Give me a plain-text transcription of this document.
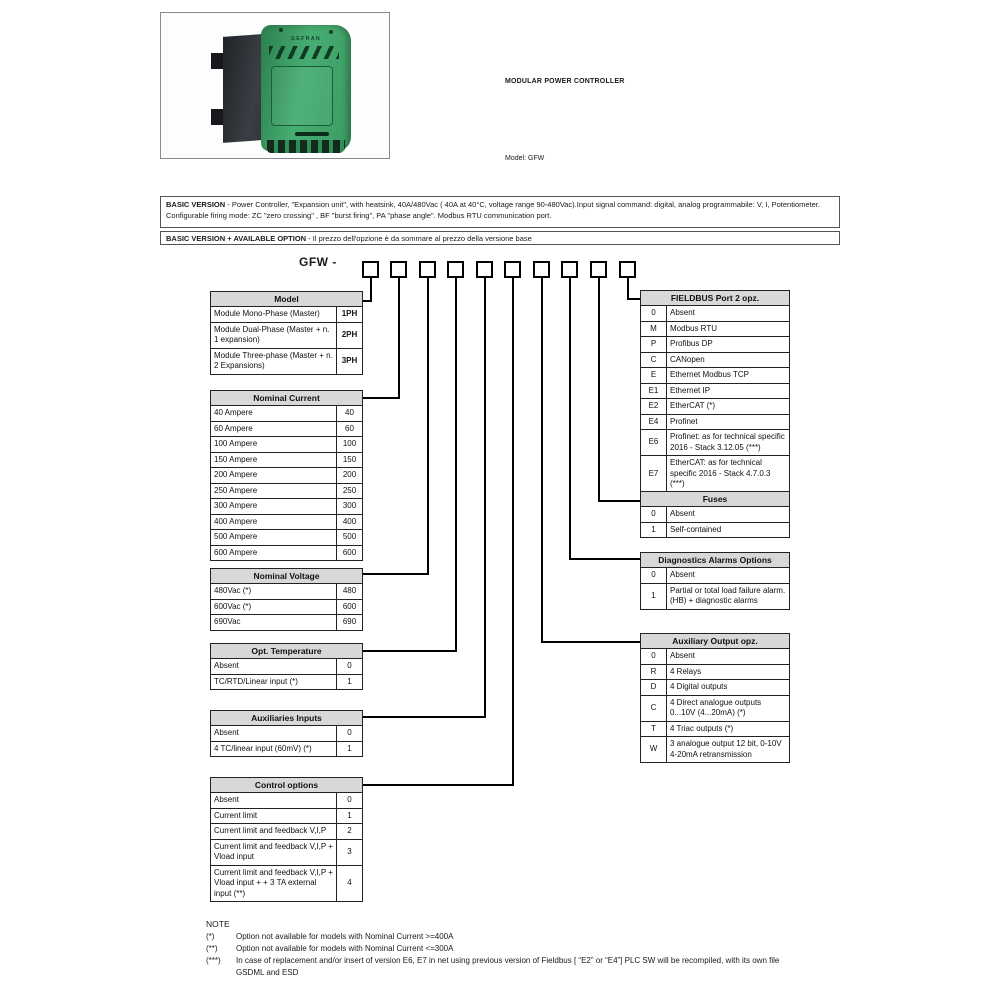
GEFRAN
MODULAR POWER CONTROLLER
Model: GFW
BASIC VERSION - Power Controller, "Expansion unit", with heatsink, 40A/480Vac ( 40A at 40°C, voltage range 90-480Vac).Input signal command: digital, analog programmabile: V, I, Potentiometer. Configurable firing mode: ZC "zero crossing" , BF "burst firing", PA "phase angle". Modbus RTU communication port.
BASIC VERSION + AVAILABLE OPTION - Il prezzo dell'opzione è da sommare al prezzo della versione base
GFW -
Model	
Module Mono-Phase (Master)	1PH
Module Dual-Phase (Master + n. 1 expansion)	2PH
Module Three-phase (Master + n. 2 Expansions)	3PH
Nominal Current	
40 Ampere	40
60 Ampere	60
100 Ampere	100
150 Ampere	150
200 Ampere	200
250 Ampere	250
300 Ampere	300
400 Ampere	400
500 Ampere	500
600 Ampere	600
Nominal Voltage	
480Vac (*)	480
600Vac (*)	600
690Vac	690
Opt. Temperature	
Absent	0
TC/RTD/Linear input (*)	1
Auxiliaries Inputs	
Absent	0
4 TC/linear input (60mV) (*)	1
Control options	
Absent	0
Current limit	1
Current limit and feedback V,I,P	2
Current limit and feedback V,I,P + Vload input	3
Current limit and feedback V,I,P + Vload input + + 3 TA external input (**)	4
FIELDBUS Port 2 opz.	
0	Absent
M	Modbus RTU
P	Profibus DP
C	CANopen
E	Ethernet Modbus TCP
E1	Ethernet IP
E2	EtherCAT (*)
E4	Profinet
E6	Profinet: as for technical specific 2016 - Stack 3.12.05 (***)
E7	EtherCAT: as for technical specific 2016 - Stack 4.7.0.3 (***)
Fuses	
0	Absent
1	Self-contained
Diagnostics Alarms Options	
0	Absent
1	Partial or total load failure alarm. (HB) + diagnostic alarms
Auxiliary Output opz.	
0	Absent
R	4 Relays
D	4 Digital outputs
C	4 Direct analogue outputs 0...10V (4...20mA) (*)
T	4 Triac outputs (*)
W	3 analogue output 12 bit, 0-10V 4-20mA retransmission
NOTE
(*)	Option not available for models with Nominal Current >=400A
(**)	Option not available for models with Nominal Current <=300A
(***)	In case of replacement and/or insert of version E6, E7 in net using previous version of Fieldbus [ “E2” or “E4”] PLC SW will be recompiled, with its own file GSDML and ESD
